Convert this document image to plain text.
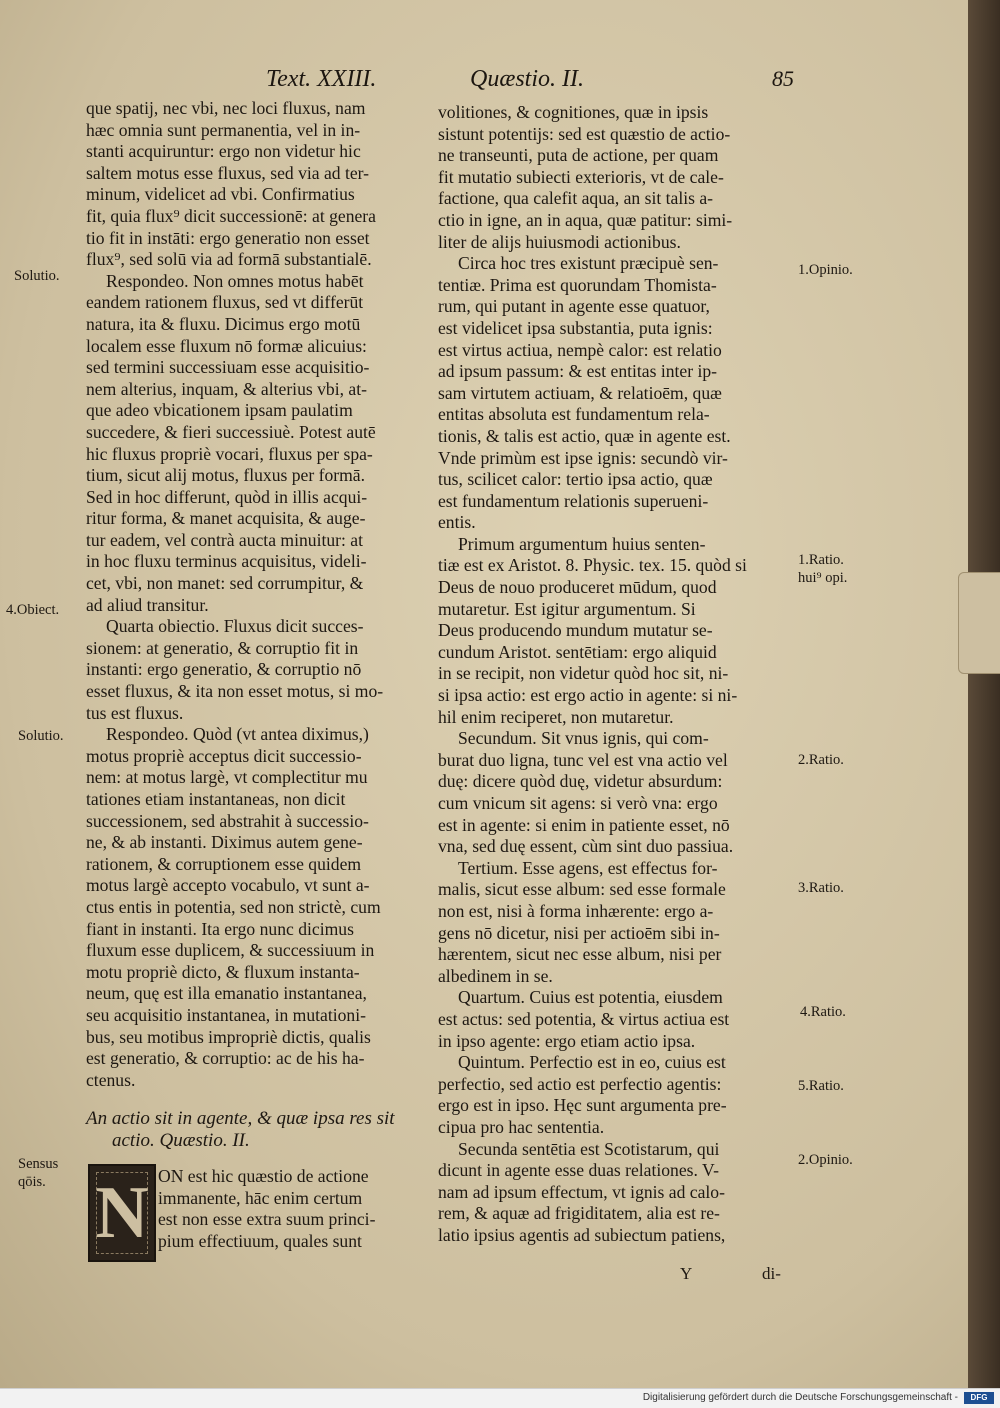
Text. XXIII.	Quæstio. II.	85
que spatij, nec vbi, nec loci fluxus, nam
hæc omnia sunt permanentia, vel in in-
stanti acquiruntur: ergo non videtur hic
saltem motus esse fluxus, sed via ad ter-
minum, videlicet ad vbi. Confirmatius
fit, quia flux⁹ dicit successionē: at genera
tio fit in instāti: ergo generatio non esset
flux⁹, sed solū via ad formā substantialē.
Respondeo. Non omnes motus habēt
eandem rationem fluxus, sed vt differūt
natura, ita & fluxu. Dicimus ergo motū
localem esse fluxum nō formæ alicuius:
sed termini successiuam esse acquisitio-
nem alterius, inquam, & alterius vbi, at-
que adeo vbicationem ipsam paulatim
succedere, & fieri successiuè. Potest autē
hic fluxus propriè vocari, fluxus per spa-
tium, sicut alij motus, fluxus per formā.
Sed in hoc differunt, quòd in illis acqui-
ritur forma, & manet acquisita, & auge-
tur eadem, vel contrà aucta minuitur: at
in hoc fluxu terminus acquisitus, videli-
cet, vbi, non manet: sed corrumpitur, &
ad aliud transitur.
Quarta obiectio. Fluxus dicit succes-
sionem: at generatio, & corruptio fit in
instanti: ergo generatio, & corruptio nō
esset fluxus, & ita non esset motus, si mo-
tus est fluxus.
Respondeo. Quòd (vt antea diximus,)
motus propriè acceptus dicit successio-
nem: at motus largè, vt complectitur mu
tationes etiam instantaneas, non dicit
successionem, sed abstrahit à successio-
ne, & ab instanti. Diximus autem gene-
rationem, & corruptionem esse quidem
motus largè accepto vocabulo, vt sunt a-
ctus entis in potentia, sed non strictè, cum
fiant in instanti. Ita ergo nunc dicimus
fluxum esse duplicem, & successiuum in
motu propriè dicto, & fluxum instanta-
neum, quę est illa emanatio instantanea,
seu acquisitio instantanea, in mutationi-
bus, seu motibus impropriè dictis, qualis
est generatio, & corruptio: ac de his ha-
ctenus.
An actio sit in agente, & quæ ipsa res sit
actio. Quæstio. II.
N ON est hic quæstio de actione
immanente, hāc enim certum
est non esse extra suum princi-
pium effectiuum, quales sunt
volitiones, & cognitiones, quæ in ipsis
sistunt potentijs: sed est quæstio de actio-
ne transeunti, puta de actione, per quam
fit mutatio subiecti exterioris, vt de cale-
factione, qua calefit aqua, an sit talis a-
ctio in igne, an in aqua, quæ patitur: simi-
liter de alijs huiusmodi actionibus.
Circa hoc tres existunt præcipuè sen-
tentiæ. Prima est quorundam Thomista-
rum, qui putant in agente esse quatuor,
est videlicet ipsa substantia, puta ignis:
est virtus actiua, nempè calor: est relatio
ad ipsum passum: & est entitas inter ip-
sam virtutem actiuam, & relatioēm, quæ
entitas absoluta est fundamentum rela-
tionis, & talis est actio, quæ in agente est.
Vnde primùm est ipse ignis: secundò vir-
tus, scilicet calor: tertio ipsa actio, quæ
est fundamentum relationis superueni-
entis.
Primum argumentum huius senten-
tiæ est ex Aristot. 8. Physic. tex. 15. quòd si
Deus de nouo produceret mūdum, quod
mutaretur. Est igitur argumentum. Si
Deus producendo mundum mutatur se-
cundum Aristot. sentētiam: ergo aliquid
in se recipit, non videtur quòd hoc sit, ni-
si ipsa actio: est ergo actio in agente: si ni-
hil enim reciperet, non mutaretur.
Secundum. Sit vnus ignis, qui com-
burat duo ligna, tunc vel est vna actio vel
duę: dicere quòd duę, videtur absurdum:
cum vnicum sit agens: si verò vna: ergo
est in agente: si enim in patiente esset, nō
vna, sed duę essent, cùm sint duo passiua.
Tertium. Esse agens, est effectus for-
malis, sicut esse album: sed esse formale
non est, nisi à forma inhærente: ergo a-
gens nō dicetur, nisi per actioēm sibi in-
hærentem, sicut nec esse album, nisi per
albedinem in se.
Quartum. Cuius est potentia, eiusdem
est actus: sed potentia, & virtus actiua est
in ipso agente: ergo etiam actio ipsa.
Quintum. Perfectio est in eo, cuius est
perfectio, sed actio est perfectio agentis:
ergo est in ipso. Hęc sunt argumenta pre-
cipua pro hac sententia.
Secunda sentētia est Scotistarum, qui
dicunt in agente esse duas relationes. V-
nam ad ipsum effectum, vt ignis ad calo-
rem, & aquæ ad frigiditatem, alia est re-
latio ipsius agentis ad subiectum patiens,
Y	di-
Solutio.
4.Obiect.
Solutio.
Sensus
qōis.
1.Opinio.
1.Ratio.
hui⁹ opi.
2.Ratio.
3.Ratio.
4.Ratio.
5.Ratio.
2.Opinio.
Digitalisierung gefördert durch die Deutsche Forschungsgemeinschaft -	DFG
